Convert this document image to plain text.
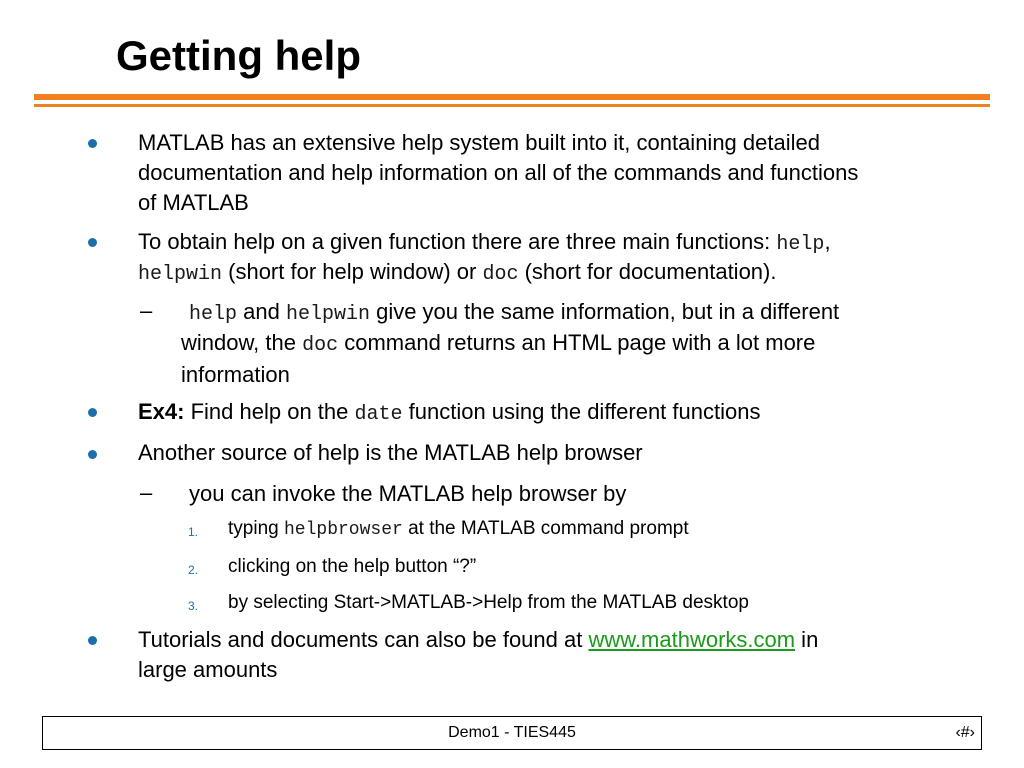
Getting help
MATLAB has an extensive help system built into it, containing detailed
documentation and help information on all of the commands and functions
of MATLAB
To obtain help on a given function there are three main functions: help,
helpwin (short for help window) or doc (short for documentation).
–	help and helpwin give you the same information, but in a different
window, the doc command returns an HTML page with a lot more
information
Ex4: Find help on the date function using the different functions
Another source of help is the MATLAB help browser
– you can invoke the MATLAB help browser by
1. typing helpbrowser at the MATLAB command prompt
2. clicking on the help button “?”
3. by selecting Start->MATLAB->Help from the MATLAB desktop
Tutorials and documents can also be found at www.mathworks.com in
large amounts
Demo1 - TIES445	‹#›
